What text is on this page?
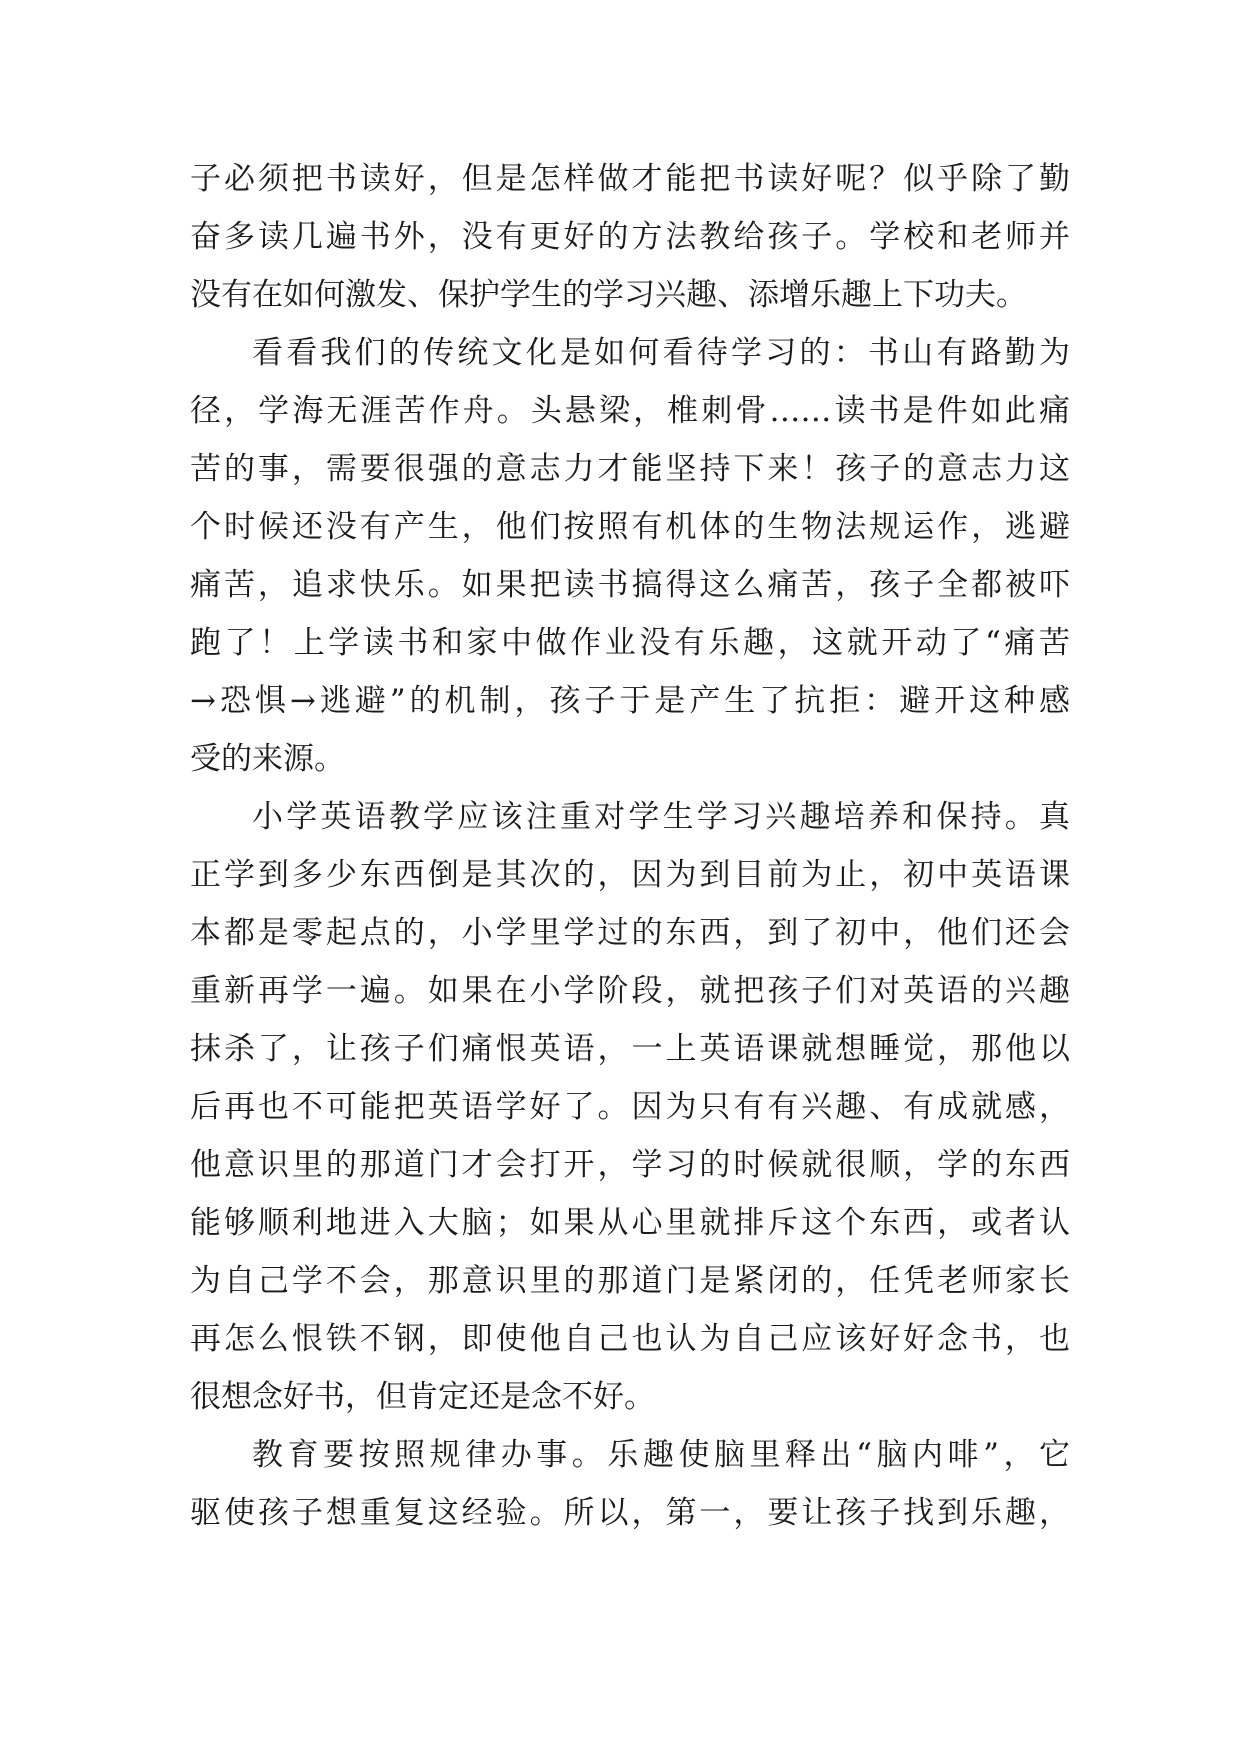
子必须把书读好，但是怎样做才能把书读好呢？似乎除了勤
奋多读几遍书外，没有更好的方法教给孩子。学校和老师并
没有在如何激发、保护学生的学习兴趣、添增乐趣上下功夫。
看看我们的传统文化是如何看待学习的：书山有路勤为
径，学海无涯苦作舟。头悬梁，椎刺骨……读书是件如此痛
苦的事，需要很强的意志力才能坚持下来！孩子的意志力这
个时候还没有产生，他们按照有机体的生物法规运作，逃避
痛苦，追求快乐。如果把读书搞得这么痛苦，孩子全都被吓
跑了！上学读书和家中做作业没有乐趣，这就开动了“痛苦
→恐惧→逃避”的机制，孩子于是产生了抗拒：避开这种感
受的来源。
小学英语教学应该注重对学生学习兴趣培养和保持。真
正学到多少东西倒是其次的，因为到目前为止，初中英语课
本都是零起点的，小学里学过的东西，到了初中，他们还会
重新再学一遍。如果在小学阶段，就把孩子们对英语的兴趣
抹杀了，让孩子们痛恨英语，一上英语课就想睡觉，那他以
后再也不可能把英语学好了。因为只有有兴趣、有成就感，
他意识里的那道门才会打开，学习的时候就很顺，学的东西
能够顺利地进入大脑；如果从心里就排斥这个东西，或者认
为自己学不会，那意识里的那道门是紧闭的，任凭老师家长
再怎么恨铁不钢，即使他自己也认为自己应该好好念书，也
很想念好书，但肯定还是念不好。
教育要按照规律办事。乐趣使脑里释出“脑内啡”，它
驱使孩子想重复这经验。所以，第一，要让孩子找到乐趣，
